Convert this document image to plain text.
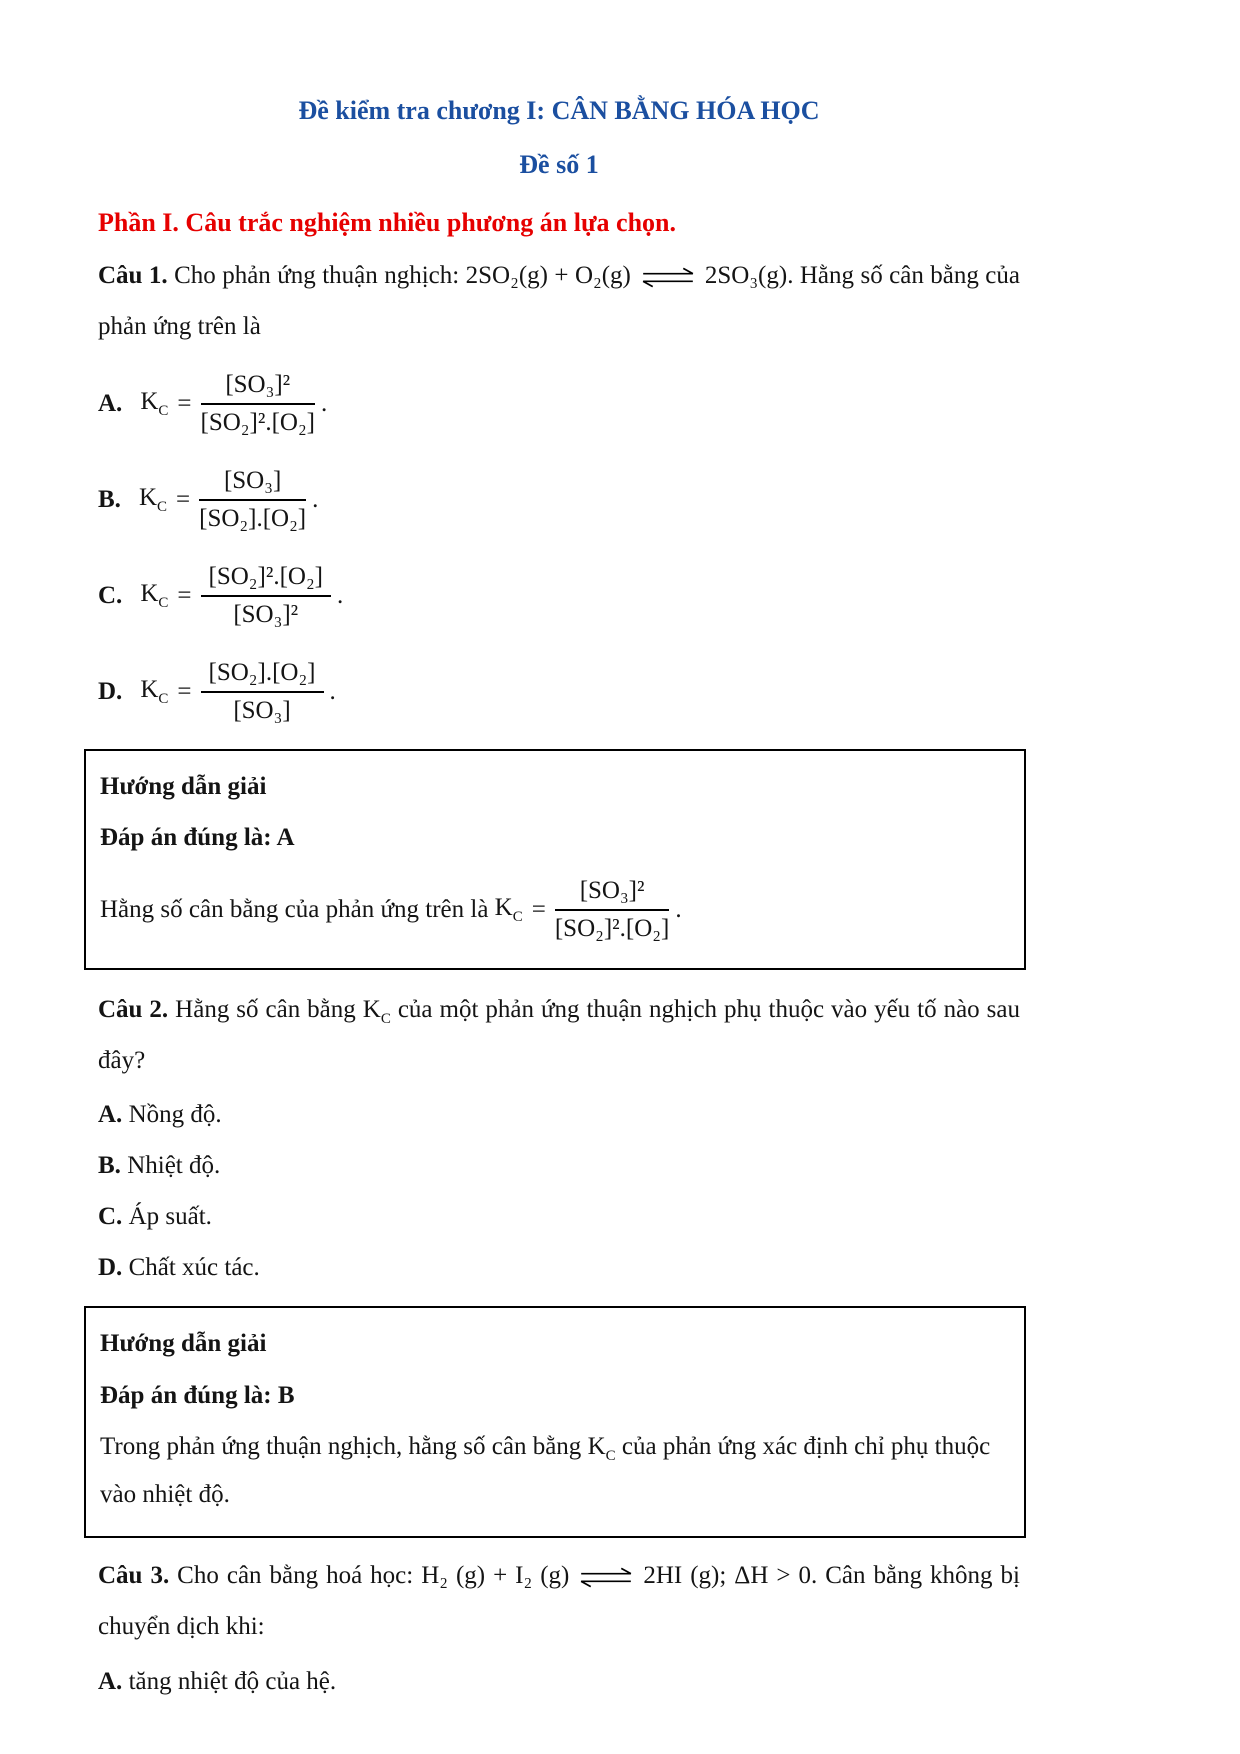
Đề kiểm tra chương I: CÂN BẰNG HÓA HỌC
Đề số 1
Phần I. Câu trắc nghiệm nhiều phương án lựa chọn.

Câu 1. Cho phản ứng thuận nghịch: 2SO₂(g) + O₂(g) ⇌ 2SO₃(g). Hằng số cân bằng của phản ứng trên là

A. $K_C = \frac{\text{[SO₃]²}}{\text{[SO₂]².[O₂]}}$ .
B. $K_C = \frac{\text{[SO₃]}}{\text{[SO₂].[O₂]}}$ .
C. $K_C = \frac{\text{[SO₂]².[O₂]}}{\text{[SO₃]²}}$ .
D. $K_C = \frac{\text{[SO₂].[O₂]}}{\text{[SO₃]}}$ .

Hướng dẫn giải

Đáp án đúng là: A

Hằng số cân bằng của phản ứng trên là
$K_C = \frac{\text{[SO₃]²}}{\text{[SO₂]².[O₂]}}$ .

Câu 2. Hằng số cân bằng $K_C$ của một phản ứng thuận nghịch phụ thuộc vào yếu tố nào sau đây?

A. Nồng độ.

B. Nhiệt độ.

C. Áp suất.

D. Chất xúc tác.

Hướng dẫn giải

Đáp án đúng là: B

Trong phản ứng thuận nghịch, hằng số cân bằng $K_C$ của phản ứng xác định chỉ phụ thuộc vào nhiệt độ.

Câu 3. Cho cân bằng hoá học: H₂ (g) + I₂ (g) ⇌ 2HI (g); ΔH > 0. Cân bằng không bị chuyển dịch khi:

A. tăng nhiệt độ của hệ.
